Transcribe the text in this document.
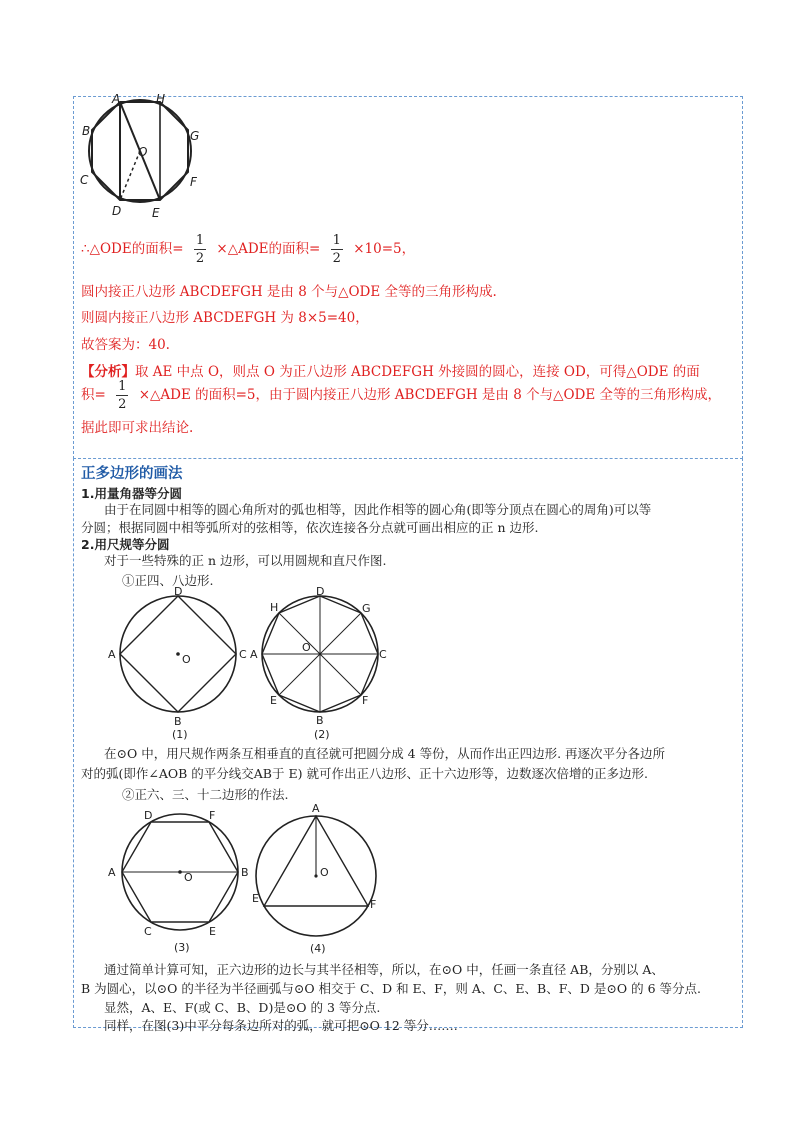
A	H
B	G
C	F
D	E
O
∴△ODE的面积= $\frac{1}{2}$ ×△ADE的面积= $\frac{1}{2} \times 10=5$，
圆内接正八边形 ABCDEFGH 是由 8 个与△ODE 全等的三角形构成.
则圆内接正八边形 ABCDEFGH 为 8×5=40，
故答案为：40.
【分析】取 AE 中点 O，则点 O 为正八边形 ABCDEFGH 外接圆的圆心，连接 OD，可得△ODE 的面
积= $\frac{1}{2}$ ×△ADE 的面积=5，由于圆内接正八边形 ABCDEFGH 是由 8 个与△ODE 全等的三角形构成，
据此即可求出结论.
正多边形的画法
1.用量角器等分圆
由于在同圆中相等的圆心角所对的弧也相等，因此作相等的圆心角(即等分顶点在圆心的周角)可以等
分圆；根据同圆中相等弧所对的弦相等，依次连接各分点就可画出相应的正 n 边形.
2.用尺规等分圆
对于一些特殊的正 n 边形，可以用圆规和直尺作图.
①正四、八边形.
D
A	C
B
O
(1)
D
H	G
A	C
E	F
B
O
(2)
在⊙O 中，用尺规作两条互相垂直的直径就可把圆分成 4 等份，从而作出正四边形. 再逐次平分各边所
对的弧(即作∠AOB 的平分线交AB于 E) 就可作出正八边形、正十六边形等，边数逐次倍增的正多边形.
②正六、三、十二边形的作法.
D	F
A	B
O
C	E
(3)
A
O
E	F
(4)
通过简单计算可知，正六边形的边长与其半径相等，所以，在⊙O 中，任画一条直径 AB，分别以 A、
B 为圆心，以⊙O 的半径为半径画弧与⊙O 相交于 C、D 和 E、F，则 A、C、E、B、F、D 是⊙O 的 6 等分点.
显然，A、E、F(或 C、B、D)是⊙O 的 3 等分点.
同样，在图(3)中平分每条边所对的弧，就可把⊙O 12 等分…….
